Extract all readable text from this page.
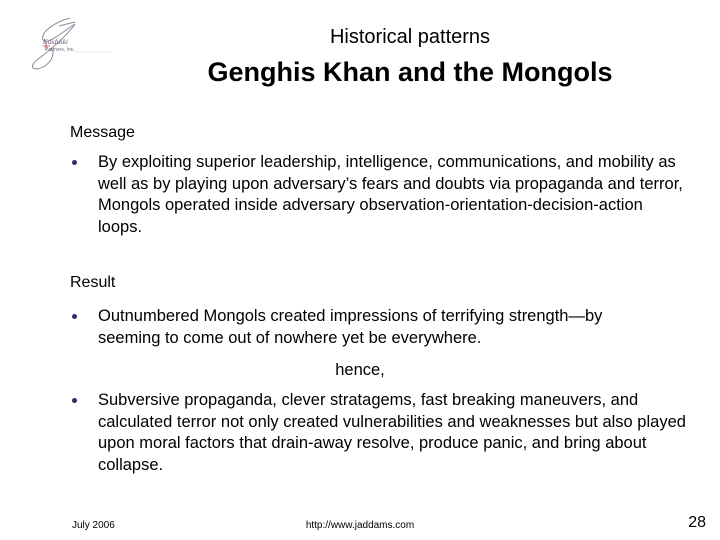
Kaiduski
Partners, Inc.
Historical patterns
Genghis Khan and the Mongols
Message
By exploiting superior leadership, intelligence, communications, and mobility as well as by playing upon adversary’s fears and doubts via propaganda and terror, Mongols operated inside adversary observation-orientation-decision-action loops.
Result
Outnumbered Mongols created impressions of terrifying strength—by seeming to come out of nowhere yet be everywhere.
hence,
Subversive propaganda, clever stratagems, fast breaking maneuvers, and calculated terror not only created vulnerabilities and weaknesses but also played upon moral factors that drain-away resolve, produce panic, and bring about collapse.
July 2006	http://www.jaddams.com	28
